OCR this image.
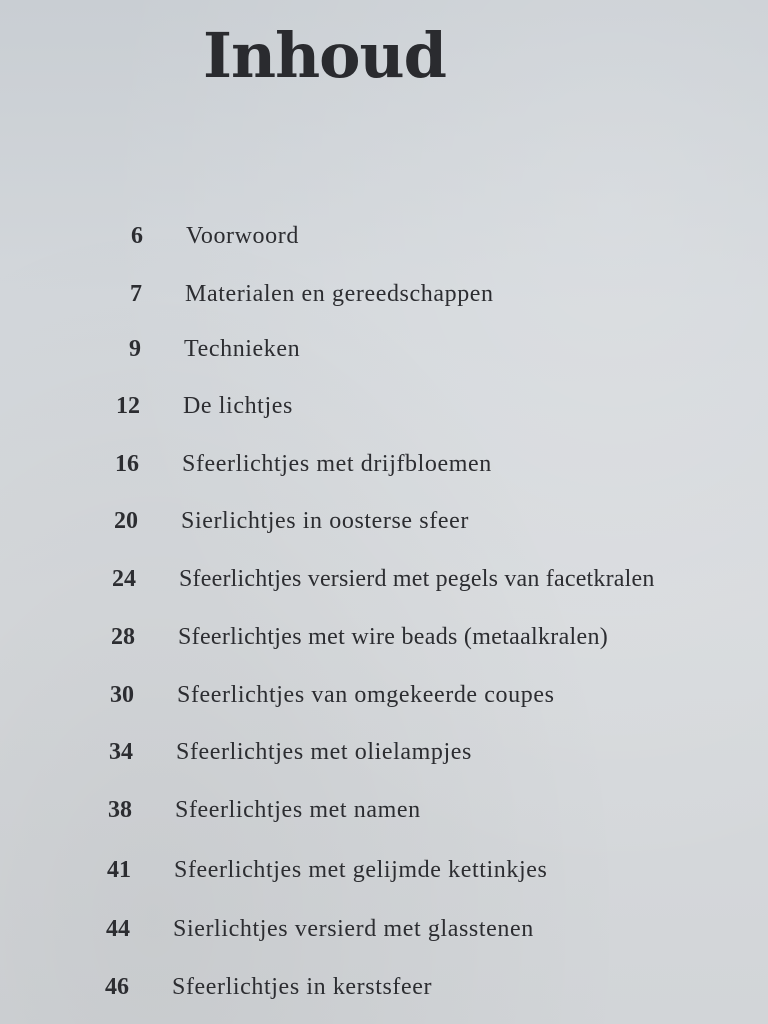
Inhoud
6 Voorwoord
7 Materialen en gereedschappen
9 Technieken
12 De lichtjes
16 Sfeerlichtjes met drijfbloemen
20 Sierlichtjes in oosterse sfeer
24 Sfeerlichtjes versierd met pegels van facetkralen
28 Sfeerlichtjes met wire beads (metaalkralen)
30 Sfeerlichtjes van omgekeerde coupes
34 Sfeerlichtjes met olielampjes
38 Sfeerlichtjes met namen
41 Sfeerlichtjes met gelijmde kettinkjes
44 Sierlichtjes versierd met glasstenen
46 Sfeerlichtjes in kerstsfeer
